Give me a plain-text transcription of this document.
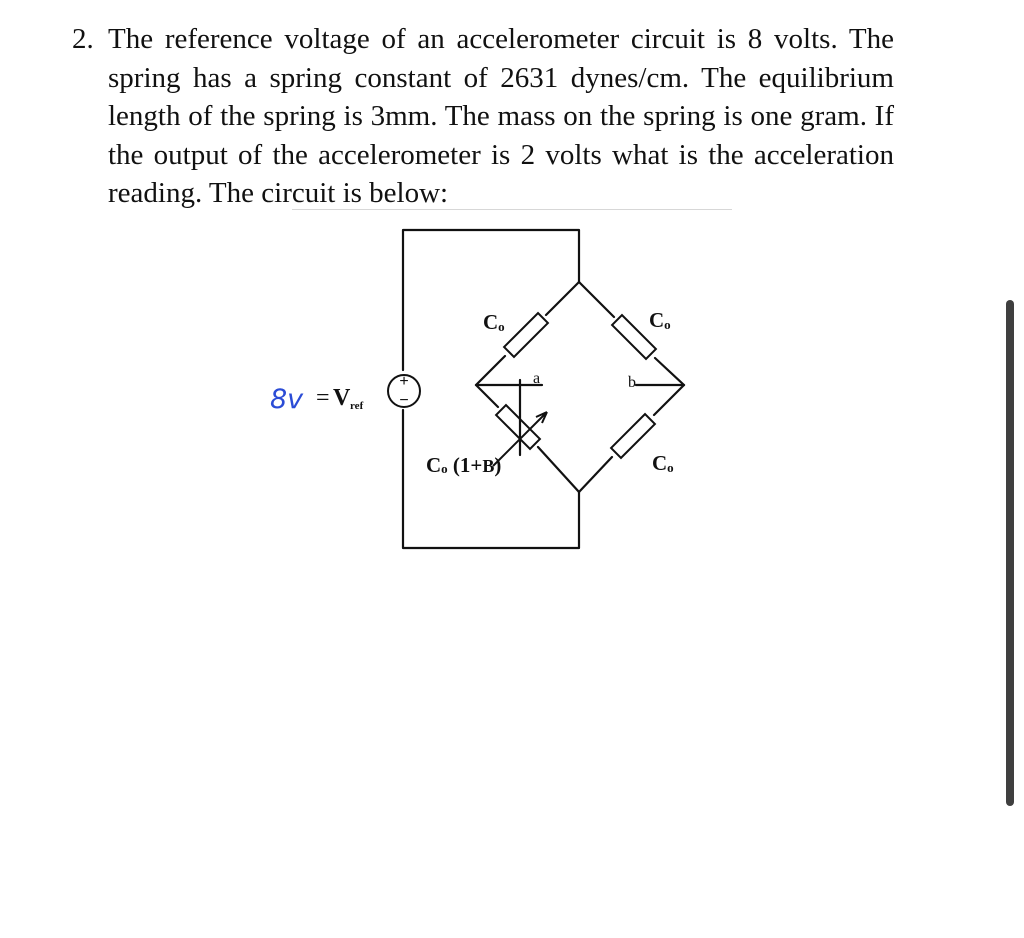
2. The reference voltage of an accelerometer circuit is 8 volts. The spring has a spring constant of 2631 dynes/cm. The equilibrium length of the spring is 3mm. The mass on the spring is one gram. If the output of the accelerometer is 2 volts what is the acceleration reading. The circuit is below:
+
−
= V ref
8v
Co	Co
Co
Co (1+B)
a	b
